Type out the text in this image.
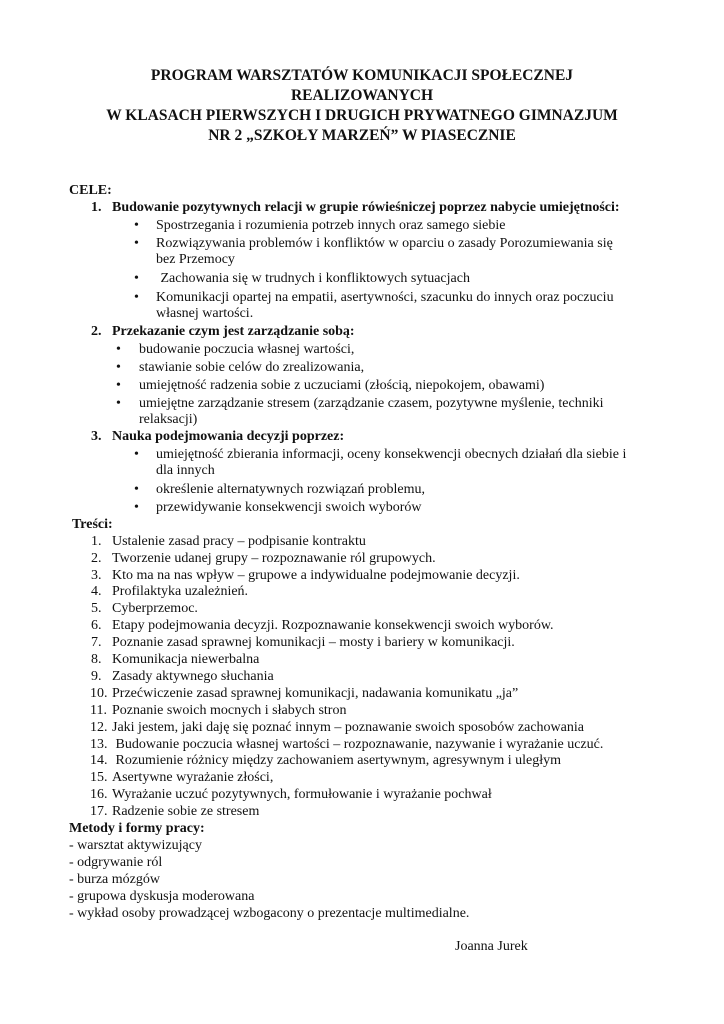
PROGRAM WARSZTATÓW KOMUNIKACJI SPOŁECZNEJ
REALIZOWANYCH
W KLASACH PIERWSZYCH I DRUGICH PRYWATNEGO GIMNAZJUM
NR 2 „SZKOŁY MARZEŃ” W PIASECZNIE
CELE:
1. Budowanie pozytywnych relacji w grupie rówieśniczej poprzez nabycie umiejętności:
• Spostrzegania i rozumienia potrzeb innych oraz samego siebie
• Rozwiązywania problemów i konfliktów w oparciu o zasady Porozumiewania się
bez Przemocy
• Zachowania się w trudnych i konfliktowych sytuacjach
• Komunikacji opartej na empatii, asertywności, szacunku do innych oraz poczuciu
własnej wartości.
2. Przekazanie czym jest zarządzanie sobą:
• budowanie poczucia własnej wartości,
• stawianie sobie celów do zrealizowania,
• umiejętność radzenia sobie z uczuciami (złością, niepokojem, obawami)
• umiejętne zarządzanie stresem (zarządzanie czasem, pozytywne myślenie, techniki
relaksacji)
3. Nauka podejmowania decyzji poprzez:
• umiejętność zbierania informacji, oceny konsekwencji obecnych działań dla siebie i
dla innych
• określenie alternatywnych rozwiązań problemu,
• przewidywanie konsekwencji swoich wyborów
Treści:
1. Ustalenie zasad pracy – podpisanie kontraktu
2. Tworzenie udanej grupy – rozpoznawanie ról grupowych.
3. Kto ma na nas wpływ – grupowe a indywidualne podejmowanie decyzji.
4. Profilaktyka uzależnień.
5. Cyberprzemoc.
6. Etapy podejmowania decyzji. Rozpoznawanie konsekwencji swoich wyborów.
7. Poznanie zasad sprawnej komunikacji – mosty i bariery w komunikacji.
8. Komunikacja niewerbalna
9. Zasady aktywnego słuchania
10. Przećwiczenie zasad sprawnej komunikacji, nadawania komunikatu „ja”
11. Poznanie swoich mocnych i słabych stron
12. Jaki jestem, jaki daję się poznać innym – poznawanie swoich sposobów zachowania
13. Budowanie poczucia własnej wartości – rozpoznawanie, nazywanie i wyrażanie uczuć.
14. Rozumienie różnicy między zachowaniem asertywnym, agresywnym i uległym
15. Asertywne wyrażanie złości,
16. Wyrażanie uczuć pozytywnych, formułowanie i wyrażanie pochwał
17. Radzenie sobie ze stresem
Metody i formy pracy:
- warsztat aktywizujący
- odgrywanie ról
- burza mózgów
- grupowa dyskusja moderowana
- wykład osoby prowadzącej wzbogacony o prezentacje multimedialne.
Joanna Jurek
